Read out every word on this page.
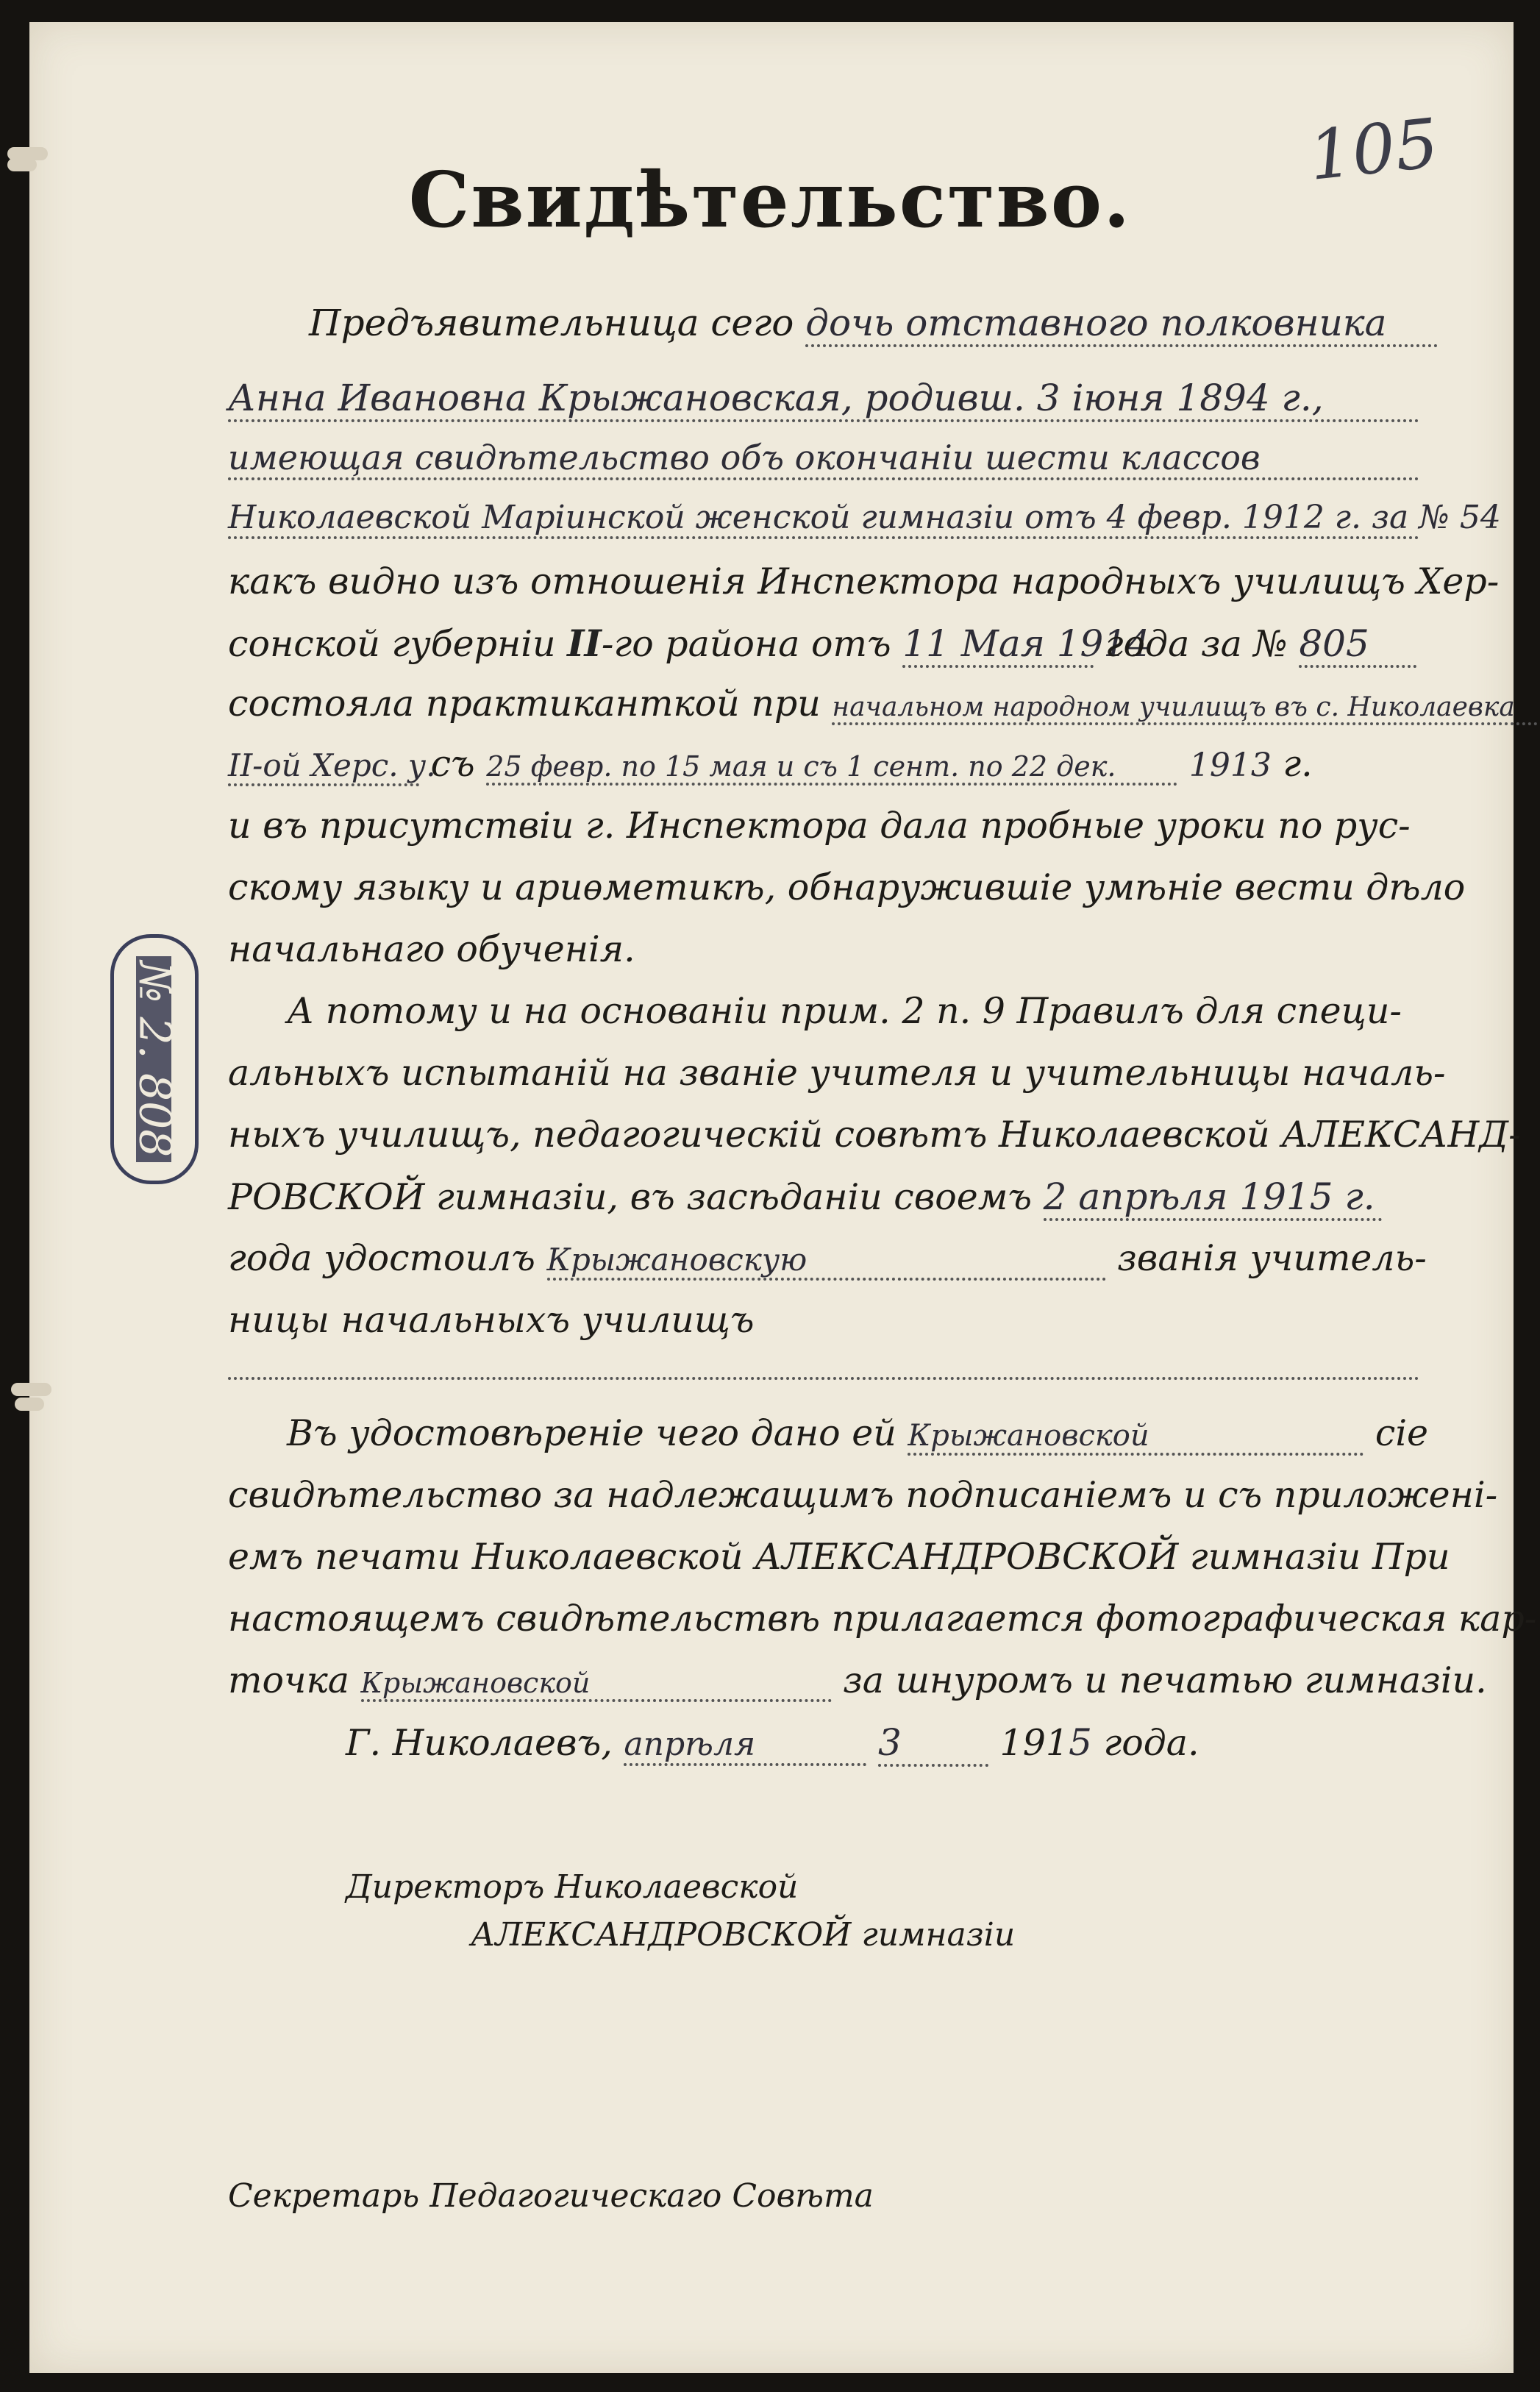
105
Свидѣтельство.
Предъявительница сего дочь отставного полковника
Анна Ивановна Крыжановская, родивш. 3 іюня 1894 г.,
имеющая свидѣтельство объ окончаніи шести классов
Николаевской Маріинской женской гимназіи отъ 4 февр. 1912 г. за № 54
какъ видно изъ отношенія Инспектора народныхъ училищъ Хер-
сонской губерніи II-го района отъ 11 Мая 1914 года за № 805
состояла практиканткой при начальном народном училищъ въ с. Николаевка
II-ой Херс. у. съ 25 февр. по 15 мая и съ 1 сент. по 22 дек. 1913 г.
и въ присутствіи г. Инспектора дала пробные уроки по рус-
скому языку и ариѳметикѣ, обнаружившіе умѣніе вести дѣло
начальнаго обученія.
А потому и на основаніи прим. 2 п. 9 Правилъ для специ-
альныхъ испытаній на званіе учителя и учительницы началь-
ныхъ училищъ, педагогическій совѣтъ Николаевской АЛЕКСАНД-
РОВСКОЙ гимназіи, въ засѣданіи своемъ 2 апрѣля 1915 г.
года удостоилъ Крыжановскую	званія учитель-
ницы начальныхъ училищъ
Въ удостовѣреніе чего дано ей Крыжановской	сіе
свидѣтельство за надлежащимъ подписаніемъ и съ приложені-
емъ печати Николаевской АЛЕКСАНДРОВСКОЙ гимназіи При
настоящемъ свидѣтельствѣ прилагается фотографическая кар-
точка Крыжановской	за шнуромъ и печатью гимназіи.
Г. Николаевъ, апрѣля	3	1915 года.
№ 2. 808
Директоръ Николаевской
АЛЕКСАНДРОВСКОЙ гимназіи
Секретарь Педагогическаго Совѣта
